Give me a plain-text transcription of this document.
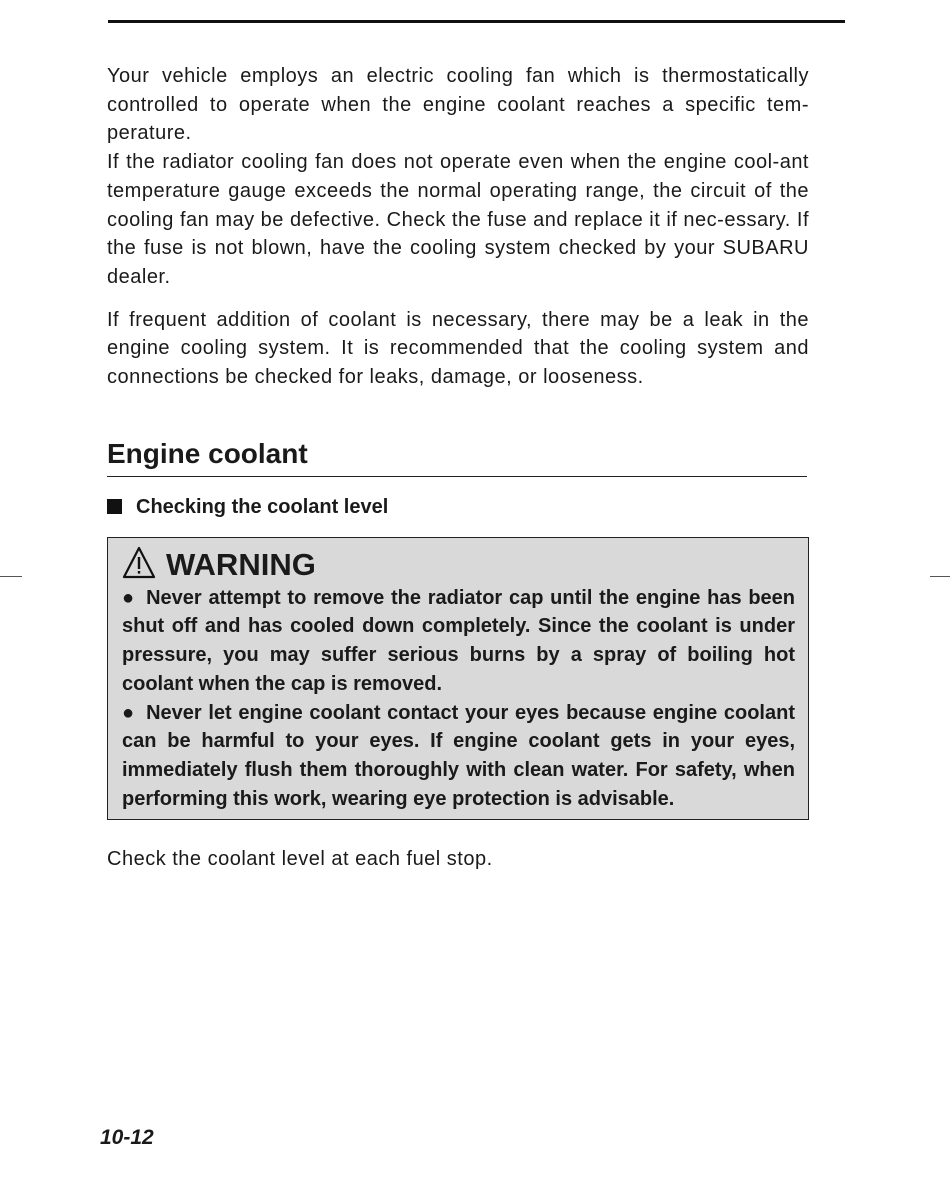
Your vehicle employs an electric cooling fan which is thermostatically controlled to operate when the engine coolant reaches a specific tem-perature.

If the radiator cooling fan does not operate even when the engine cool-ant temperature gauge exceeds the normal operating range, the circuit of the cooling fan may be defective. Check the fuse and replace it if nec-essary. If the fuse is not blown, have the cooling system checked by your SUBARU dealer.

If frequent addition of coolant is necessary, there may be a leak in the engine cooling system. It is recommended that the cooling system and connections be checked for leaks, damage, or looseness.

Engine coolant
Checking the coolant level
WARNING

● Never attempt to remove the radiator cap until the engine has been shut off and has cooled down completely. Since the coolant is under pressure, you may suffer serious burns by a spray of boiling hot coolant when the cap is removed.

● Never let engine coolant contact your eyes because engine coolant can be harmful to your eyes. If engine coolant gets in your eyes, immediately flush them thoroughly with clean water. For safety, when performing this work, wearing eye protection is advisable.

Check the coolant level at each fuel stop.

10-12
